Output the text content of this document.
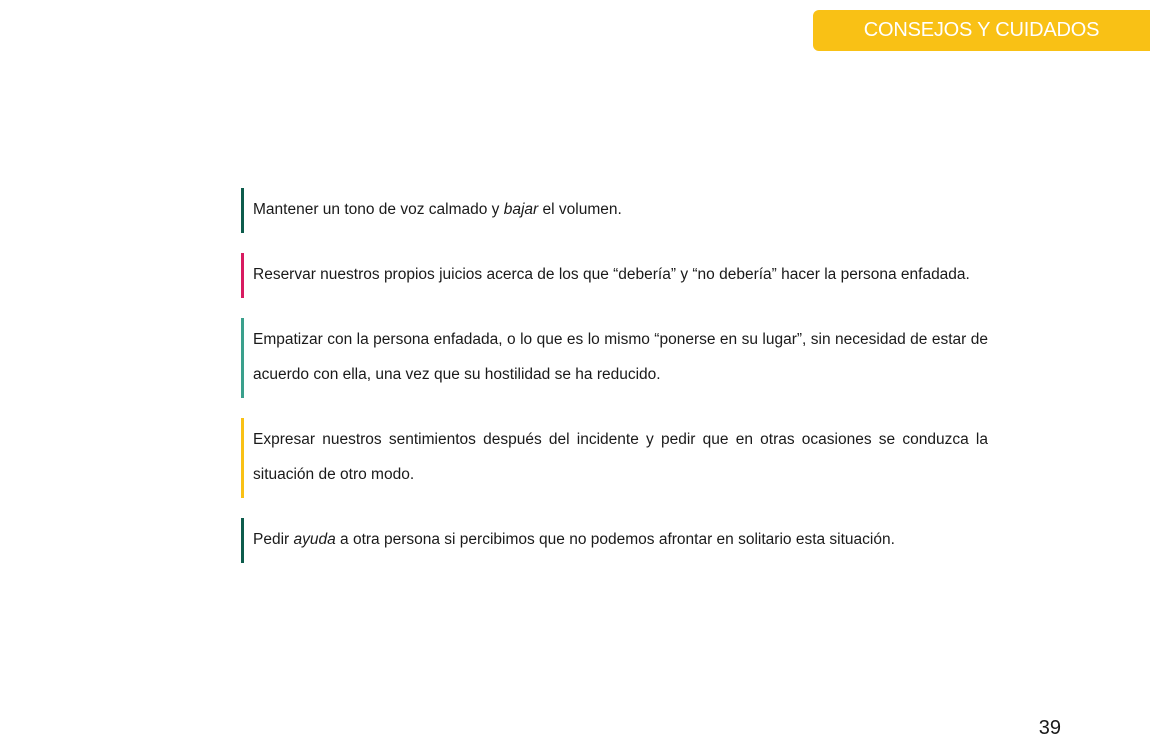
CONSEJOS Y CUIDADOS
Mantener un tono de voz calmado y bajar el volumen.
Reservar nuestros propios juicios acerca de los que “debería” y “no debería” hacer la persona enfadada.
Empatizar con la persona enfadada, o lo que es lo mismo “ponerse en su lugar”, sin necesidad de estar de acuerdo con ella, una vez que su hostilidad se ha reducido.
Expresar nuestros sentimientos después del incidente y pedir que en otras ocasiones se conduzca la situación de otro modo.
Pedir ayuda a otra persona si percibimos que no podemos afrontar en solitario esta situación.
39
